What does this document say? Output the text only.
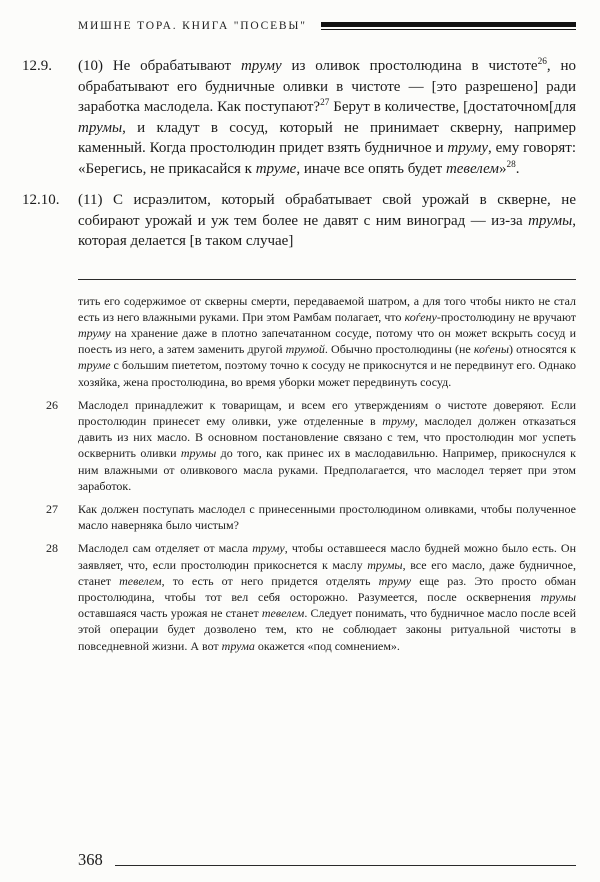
МИШНЕ ТОРА. КНИГА "ПОСЕВЫ"
12.9.	(10) Не обрабатывают труму из оливок простолюдина в чистоте$^{26}$, но обрабатывают его будничные оливки в чистоте — [это разрешено] ради заработка маслодела. Как поступают?$^{27}$ Берут в количестве, [достаточном[для трумы, и кладут в сосуд, который не принимает скверну, например каменный. Когда простолюдин придет взять будничное и труму, ему говорят: «Берегись, не прикасайся к труме, иначе все опять будет тевелем»$^{28}$.
12.10.	(11) С исраэлитом, который обрабатывает свой урожай в скверне, не собирают урожай и уж тем более не давят с ним виноград — из-за трумы, которая делается [в таком случае]
тить его содержимое от скверны смерти, передаваемой шатром, а для того чтобы никто не стал есть из него влажными руками. При этом Рамбам полагает, что коѓену-простолюдину не вручают труму на хранение даже в плотно запечатанном сосуде, потому что он может вскрыть сосуд и поесть из него, а затем заменить другой трумой. Обычно простолюдины (не коѓены) относятся к труме с большим пиететом, поэтому точно к сосуду не прикоснутся и не передвинут его. Однако хозяйка, жена простолюдина, во время уборки может передвинуть сосуд.
26	Маслодел принадлежит к товарищам, и всем его утверждениям о чистоте доверяют. Если простолюдин принесет ему оливки, уже отделенные в труму, маслодел должен отказаться давить из них масло. В основном постановление связано с тем, что простолюдин мог успеть осквернить оливки трумы до того, как принес их в маслодавильню. Например, прикоснулся к ним влажными от оливкового масла руками. Предполагается, что маслодел теряет при этом заработок.
27	Как должен поступать маслодел с принесенными простолюдином оливками, чтобы полученное масло наверняка было чистым?
28	Маслодел сам отделяет от масла труму, чтобы оставшееся масло будней можно было есть. Он заявляет, что, если простолюдин прикоснется к маслу трумы, все его масло, даже будничное, станет тевелем, то есть от него придется отделять труму еще раз. Это просто обман простолюдина, чтобы тот вел себя осторожно. Разумеется, после осквернения трумы оставшаяся часть урожая не станет тевелем. Следует понимать, что будничное масло после всей этой операции будет дозволено тем, кто не соблюдает законы ритуальной чистоты в повседневной жизни. А вот трума окажется «под сомнением».
368
